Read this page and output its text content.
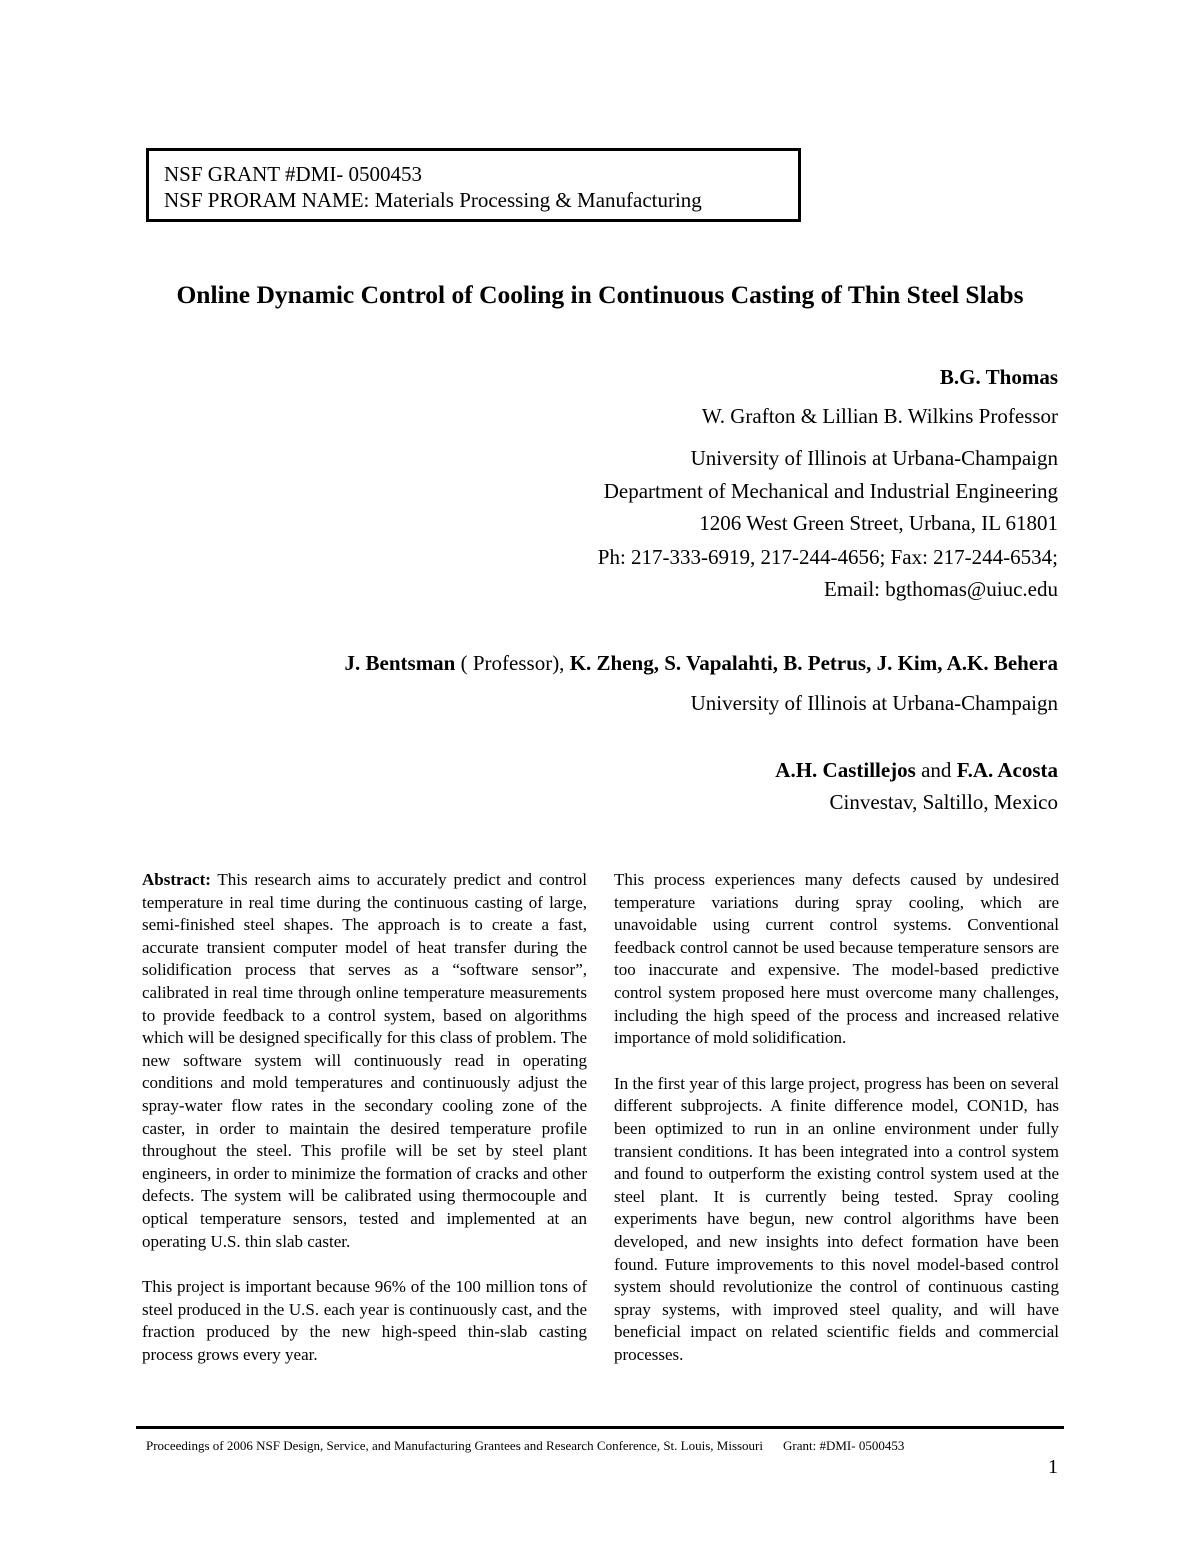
NSF GRANT #DMI- 0500453
NSF PRORAM NAME: Materials Processing & Manufacturing
Online Dynamic Control of Cooling in Continuous Casting of Thin Steel Slabs
B.G. Thomas
W. Grafton & Lillian B. Wilkins Professor
University of Illinois at Urbana-Champaign
Department of Mechanical and Industrial Engineering
1206 West Green Street, Urbana, IL 61801
Ph: 217-333-6919, 217-244-4656; Fax: 217-244-6534;
Email: bgthomas@uiuc.edu
J. Bentsman ( Professor), K. Zheng, S. Vapalahti, B. Petrus, J. Kim, A.K. Behera
University of Illinois at Urbana-Champaign
A.H. Castillejos and F.A. Acosta
Cinvestav, Saltillo, Mexico

Abstract: This research aims to accurately predict and control temperature in real time during the continuous casting of large, semi-finished steel shapes. The approach is to create a fast, accurate transient computer model of heat transfer during the solidification process that serves as a “software sensor”, calibrated in real time through online temperature measurements to provide feedback to a control system, based on algorithms which will be designed specifically for this class of problem. The new software system will continuously read in operating conditions and mold temperatures and continuously adjust the spray-water flow rates in the secondary cooling zone of the caster, in order to maintain the desired temperature profile throughout the steel. This profile will be set by steel plant engineers, in order to minimize the formation of cracks and other defects. The system will be calibrated using thermocouple and optical temperature sensors, tested and implemented at an operating U.S. thin slab caster.

This project is important because 96% of the 100 million tons of steel produced in the U.S. each year is continuously cast, and the fraction produced by the new high-speed thin-slab casting process grows every year.

This process experiences many defects caused by undesired temperature variations during spray cooling, which are unavoidable using current control systems. Conventional feedback control cannot be used because temperature sensors are too inaccurate and expensive. The model-based predictive control system proposed here must overcome many challenges, including the high speed of the process and increased relative importance of mold solidification.

In the first year of this large project, progress has been on several different subprojects. A finite difference model, CON1D, has been optimized to run in an online environment under fully transient conditions. It has been integrated into a control system and found to outperform the existing control system used at the steel plant. It is currently being tested. Spray cooling experiments have begun, new control algorithms have been developed, and new insights into defect formation have been found. Future improvements to this novel model-based control system should revolutionize the control of continuous casting spray systems, with improved steel quality, and will have beneficial impact on related scientific fields and commercial processes.

Proceedings of 2006 NSF Design, Service, and Manufacturing Grantees and Research Conference, St. Louis, Missouri Grant: #DMI- 0500453
1
